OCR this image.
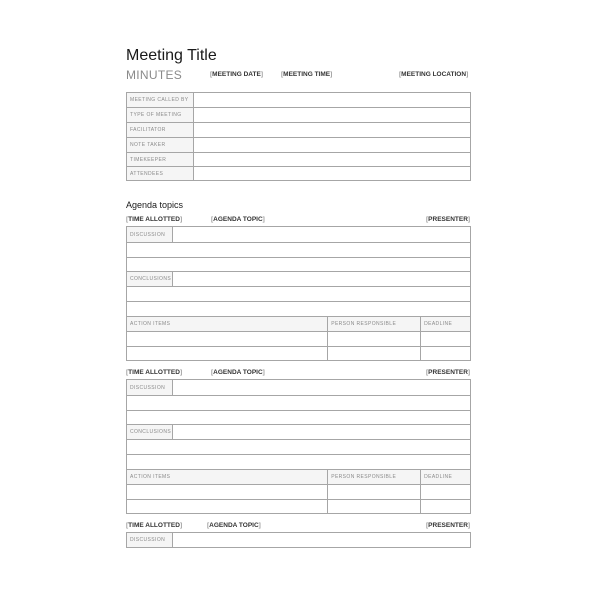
Meeting Title
MINUTES	[MEETING DATE]	[MEETING TIME]	[MEETING LOCATION]
MEETING CALLED BY	
TYPE OF MEETING	
FACILITATOR	
NOTE TAKER	
TIMEKEEPER	
ATTENDEES	
Agenda topics
[TIME ALLOTTED]	[AGENDA TOPIC]	[PRESENTER]
DISCUSSION	

CONCLUSIONS	

ACTION ITEMS	PERSON RESPONSIBLE	DEADLINE

[TIME ALLOTTED]	[AGENDA TOPIC]	[PRESENTER]
DISCUSSION	

CONCLUSIONS	

ACTION ITEMS	PERSON RESPONSIBLE	DEADLINE

[TIME ALLOTTED]	[AGENDA TOPIC]	[PRESENTER]
DISCUSSION	
